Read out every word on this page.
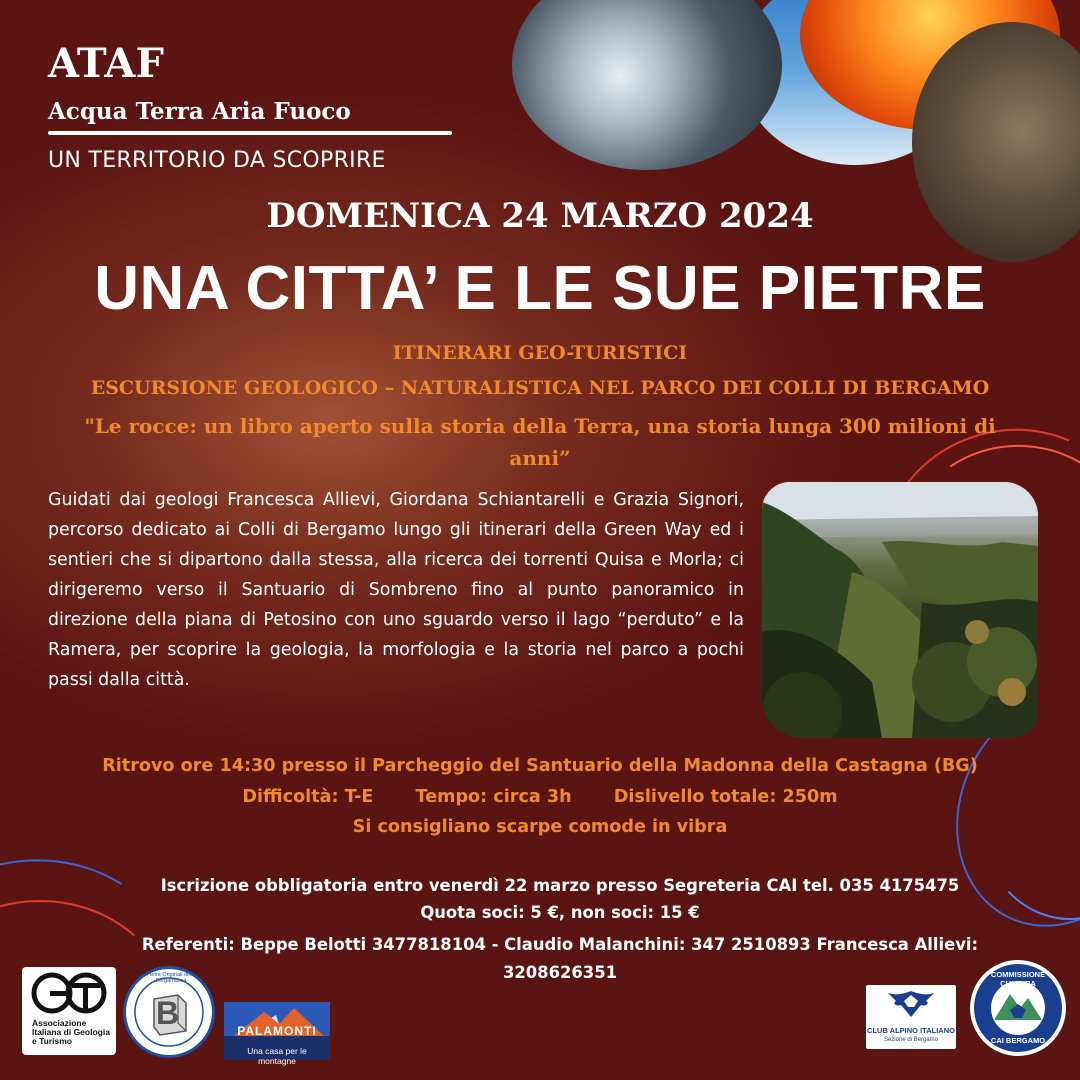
ATAF
Acqua Terra Aria Fuoco
UN TERRITORIO DA SCOPRIRE
DOMENICA 24 MARZO 2024
UNA CITTA’ E LE SUE PIETRE
ITINERARI GEO-TURISTICI
ESCURSIONE GEOLOGICO – NATURALISTICA NEL PARCO DEI COLLI DI BERGAMO
"Le rocce: un libro aperto sulla storia della Terra, una storia lunga 300 milioni di anni”
Guidati dai geologi Francesca Allievi, Giordana Schiantarelli e Grazia Signori, percorso dedicato ai Colli di Bergamo lungo gli itinerari della Green Way ed i sentieri che si dipartono dalla stessa, alla ricerca dei torrenti Quisa e Morla; ci dirigeremo verso il Santuario di Sombreno fino al punto panoramico in direzione della piana di Petosino con uno sguardo verso il lago “perduto” e la Ramera, per scoprire la geologia, la morfologia e la storia nel parco a pochi passi dalla città.
Ritrovo ore 14:30 presso il Parcheggio del Santuario della Madonna della Castagna (BG)
Difficoltà: T-E Tempo: circa 3h Dislivello totale: 250m
Si consigliano scarpe comode in vibra
Iscrizione obbligatoria entro venerdì 22 marzo presso Segreteria CAI tel. 035 4175475
Quota soci: 5 €, non soci: 15 €
Referenti: Beppe Belotti 3477818104 - Claudio Malanchini: 347 2510893 Francesca Allievi: 3208626351
Associazione Italiana di Geologia e Turismo
B
Pietre Originali della Bergamasca
PALAMONTI
Una casa per le montagne
CLUB ALPINO ITALIANO
Sezione di Bergamo
COMMISSIONE CULTURA
CAI BERGAMO
